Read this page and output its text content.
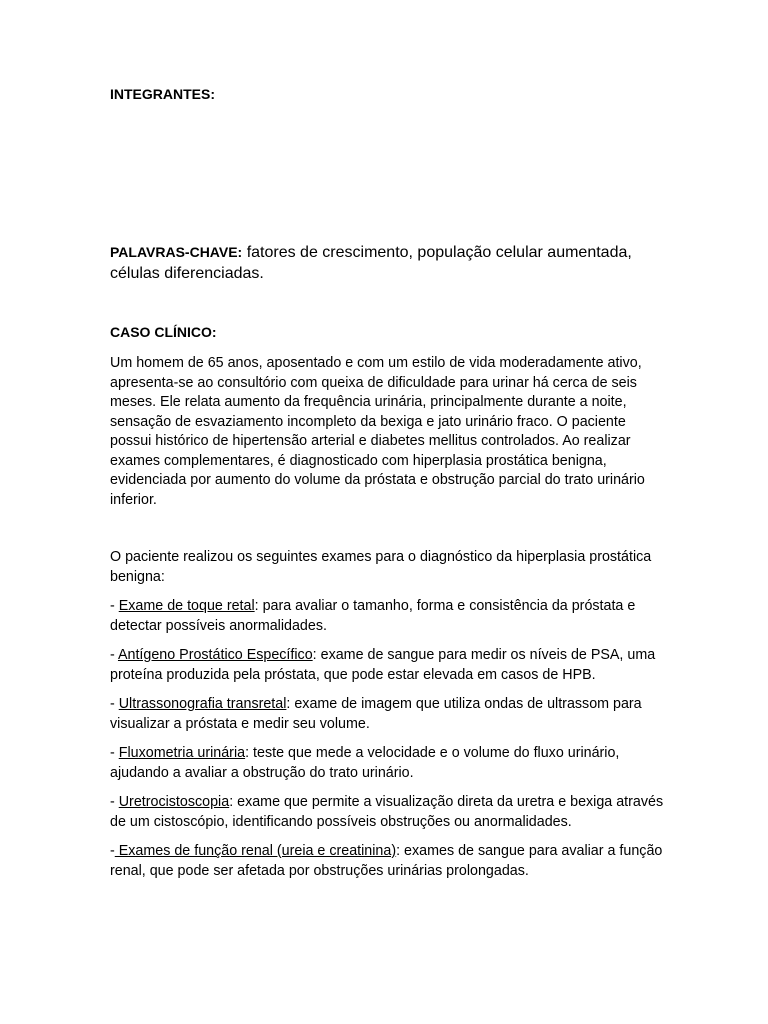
INTEGRANTES:

PALAVRAS-CHAVE: fatores de crescimento, população celular aumentada, células diferenciadas.

CASO CLÍNICO:

Um homem de 65 anos, aposentado e com um estilo de vida moderadamente ativo, apresenta-se ao consultório com queixa de dificuldade para urinar há cerca de seis meses. Ele relata aumento da frequência urinária, principalmente durante a noite, sensação de esvaziamento incompleto da bexiga e jato urinário fraco. O paciente possui histórico de hipertensão arterial e diabetes mellitus controlados. Ao realizar exames complementares, é diagnosticado com hiperplasia prostática benigna, evidenciada por aumento do volume da próstata e obstrução parcial do trato urinário inferior.

O paciente realizou os seguintes exames para o diagnóstico da hiperplasia prostática benigna:

- Exame de toque retal: para avaliar o tamanho, forma e consistência da próstata e detectar possíveis anormalidades.
- Antígeno Prostático Específico: exame de sangue para medir os níveis de PSA, uma proteína produzida pela próstata, que pode estar elevada em casos de HPB.
- Ultrassonografia transretal: exame de imagem que utiliza ondas de ultrassom para visualizar a próstata e medir seu volume.
- Fluxometria urinária: teste que mede a velocidade e o volume do fluxo urinário, ajudando a avaliar a obstrução do trato urinário.
- Uretrocistoscopia: exame que permite a visualização direta da uretra e bexiga através de um cistoscópio, identificando possíveis obstruções ou anormalidades.
- Exames de função renal (ureia e creatinina): exames de sangue para avaliar a função renal, que pode ser afetada por obstruções urinárias prolongadas.
